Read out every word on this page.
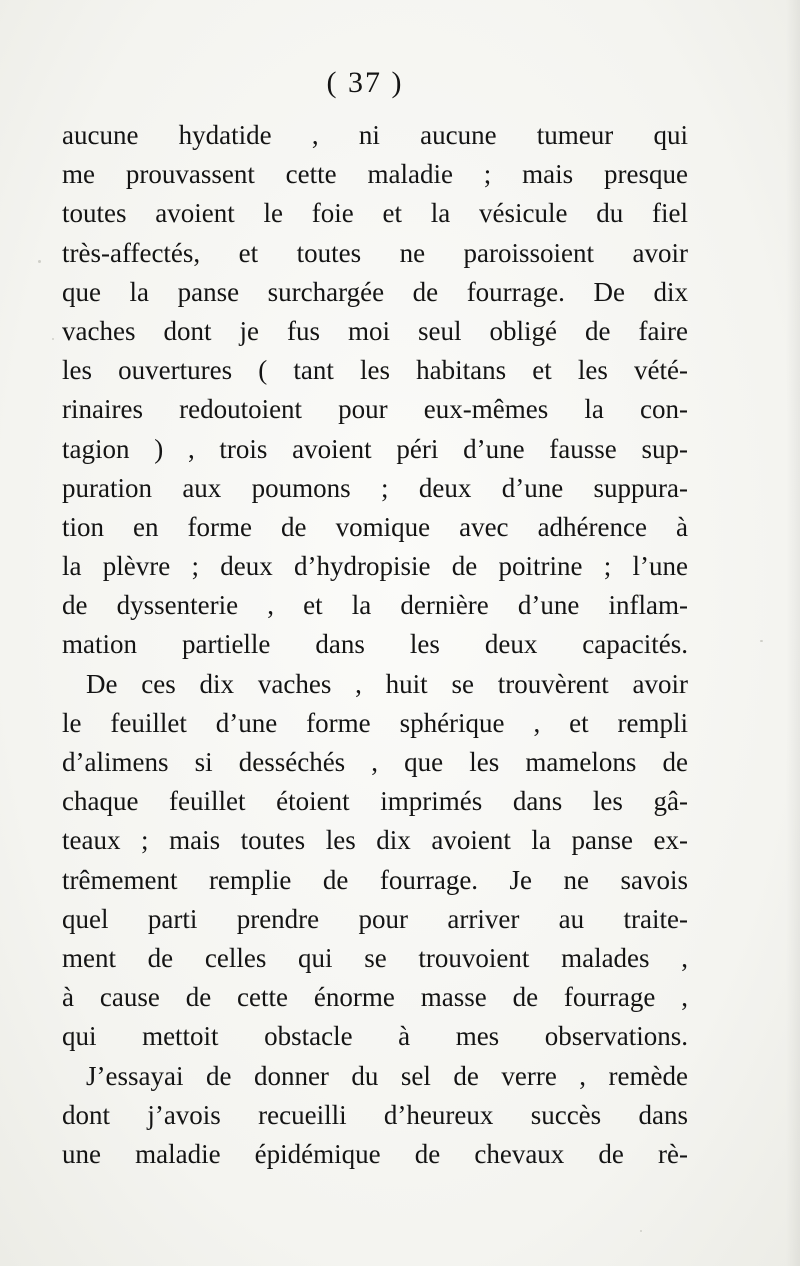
( 37 )
aucune hydatide , ni aucune tumeur qui
me prouvassent cette maladie ; mais presque
toutes avoient le foie et la vésicule du fiel
très-affectés, et toutes ne paroissoient avoir
que la panse surchargée de fourrage. De dix
vaches dont je fus moi seul obligé de faire
les ouvertures ( tant les habitans et les vété-
rinaires redoutoient pour eux-mêmes la con-
tagion ) , trois avoient péri d’une fausse sup-
puration aux poumons ; deux d’une suppura-
tion en forme de vomique avec adhérence à
la plèvre ; deux d’hydropisie de poitrine ; l’une
de dyssenterie , et la dernière d’une inflam-
mation partielle dans les deux capacités.
De ces dix vaches , huit se trouvèrent avoir
le feuillet d’une forme sphérique , et rempli
d’alimens si desséchés , que les mamelons de
chaque feuillet étoient imprimés dans les gâ-
teaux ; mais toutes les dix avoient la panse ex-
trêmement remplie de fourrage. Je ne savois
quel parti prendre pour arriver au traite-
ment de celles qui se trouvoient malades ,
à cause de cette énorme masse de fourrage ,
qui mettoit obstacle à mes observations.
J’essayai de donner du sel de verre , remède
dont j’avois recueilli d’heureux succès dans
une maladie épidémique de chevaux de rè-
